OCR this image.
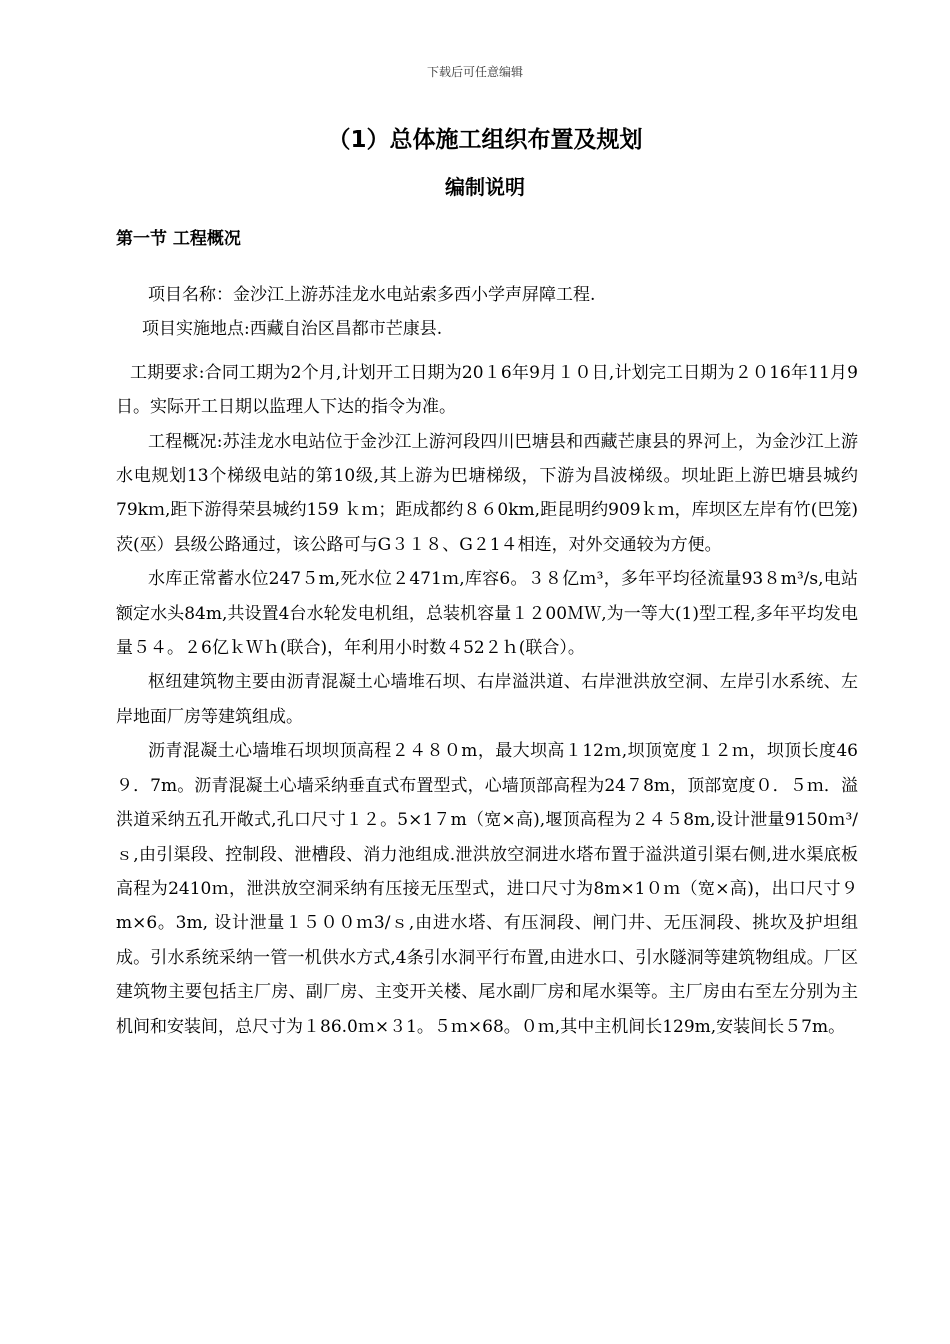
下载后可任意编辑
（1）总体施工组织布置及规划
编制说明
第一节 工程概况

项目名称：金沙江上游苏洼龙水电站索多西小学声屏障工程.

项目实施地点:西藏自治区昌都市芒康县.

工期要求:合同工期为2个月,计划开工日期为20１6年9月１０日,计划完工日期为２０16年11月9日。实际开工日期以监理人下达的指令为准。

工程概况:苏洼龙水电站位于金沙江上游河段四川巴塘县和西藏芒康县的界河上，为金沙江上游水电规划13个梯级电站的第10级,其上游为巴塘梯级，下游为昌波梯级。坝址距上游巴塘县城约79kｍ,距下游得荣县城约159 ｋｍ；距成都约８６0km,距昆明约909ｋｍ，库坝区左岸有竹(巴笼)茨(巫）县级公路通过，该公路可与G３１８、G２1４相连，对外交通较为方便。

水库正常蓄水位247５m,死水位２471ｍ,库容6。３８亿ｍ³，多年平均径流量93８m³/s,电站额定水头84m,共设置4台水轮发电机组，总装机容量１２00ＭＷ,为一等大(1)型工程,多年平均发电量５４。２6亿ｋＷｈ(联合)，年利用小时数４52２ｈ(联合）。

枢纽建筑物主要由沥青混凝土心墙堆石坝、右岸溢洪道、右岸泄洪放空洞、左岸引水系统、左岸地面厂房等建筑组成。

沥青混凝土心墙堆石坝坝顶高程２４８０m，最大坝高１12ｍ,坝顶宽度１２ｍ，坝顶长度46９．7m。沥青混凝土心墙采纳垂直式布置型式，心墙顶部高程为24７8m，顶部宽度０．５ｍ．溢洪道采纳五孔开敞式,孔口尺寸１２。5×1７m（宽×高),堰顶高程为２４５8m,设计泄量9150ｍ³/ｓ,由引渠段、控制段、泄槽段、消力池组成.泄洪放空洞进水塔布置于溢洪道引渠右侧,进水渠底板高程为2410ｍ，泄洪放空洞采纳有压接无压型式，进口尺寸为8m×1０ｍ（宽×高)，出口尺寸９m×6。3m, 设计泄量１５００ｍ3/ｓ,由进水塔、有压洞段、闸门井、无压洞段、挑坎及护坦组成。引水系统采纳一管一机供水方式,4条引水洞平行布置,由进水口、引水隧洞等建筑物组成。厂区建筑物主要包括主厂房、副厂房、主变开关楼、尾水副厂房和尾水渠等。主厂房由右至左分别为主机间和安装间，总尺寸为１86.0ｍ×３1。５ｍ×68。０ｍ,其中主机间长129m,安装间长５7m。
